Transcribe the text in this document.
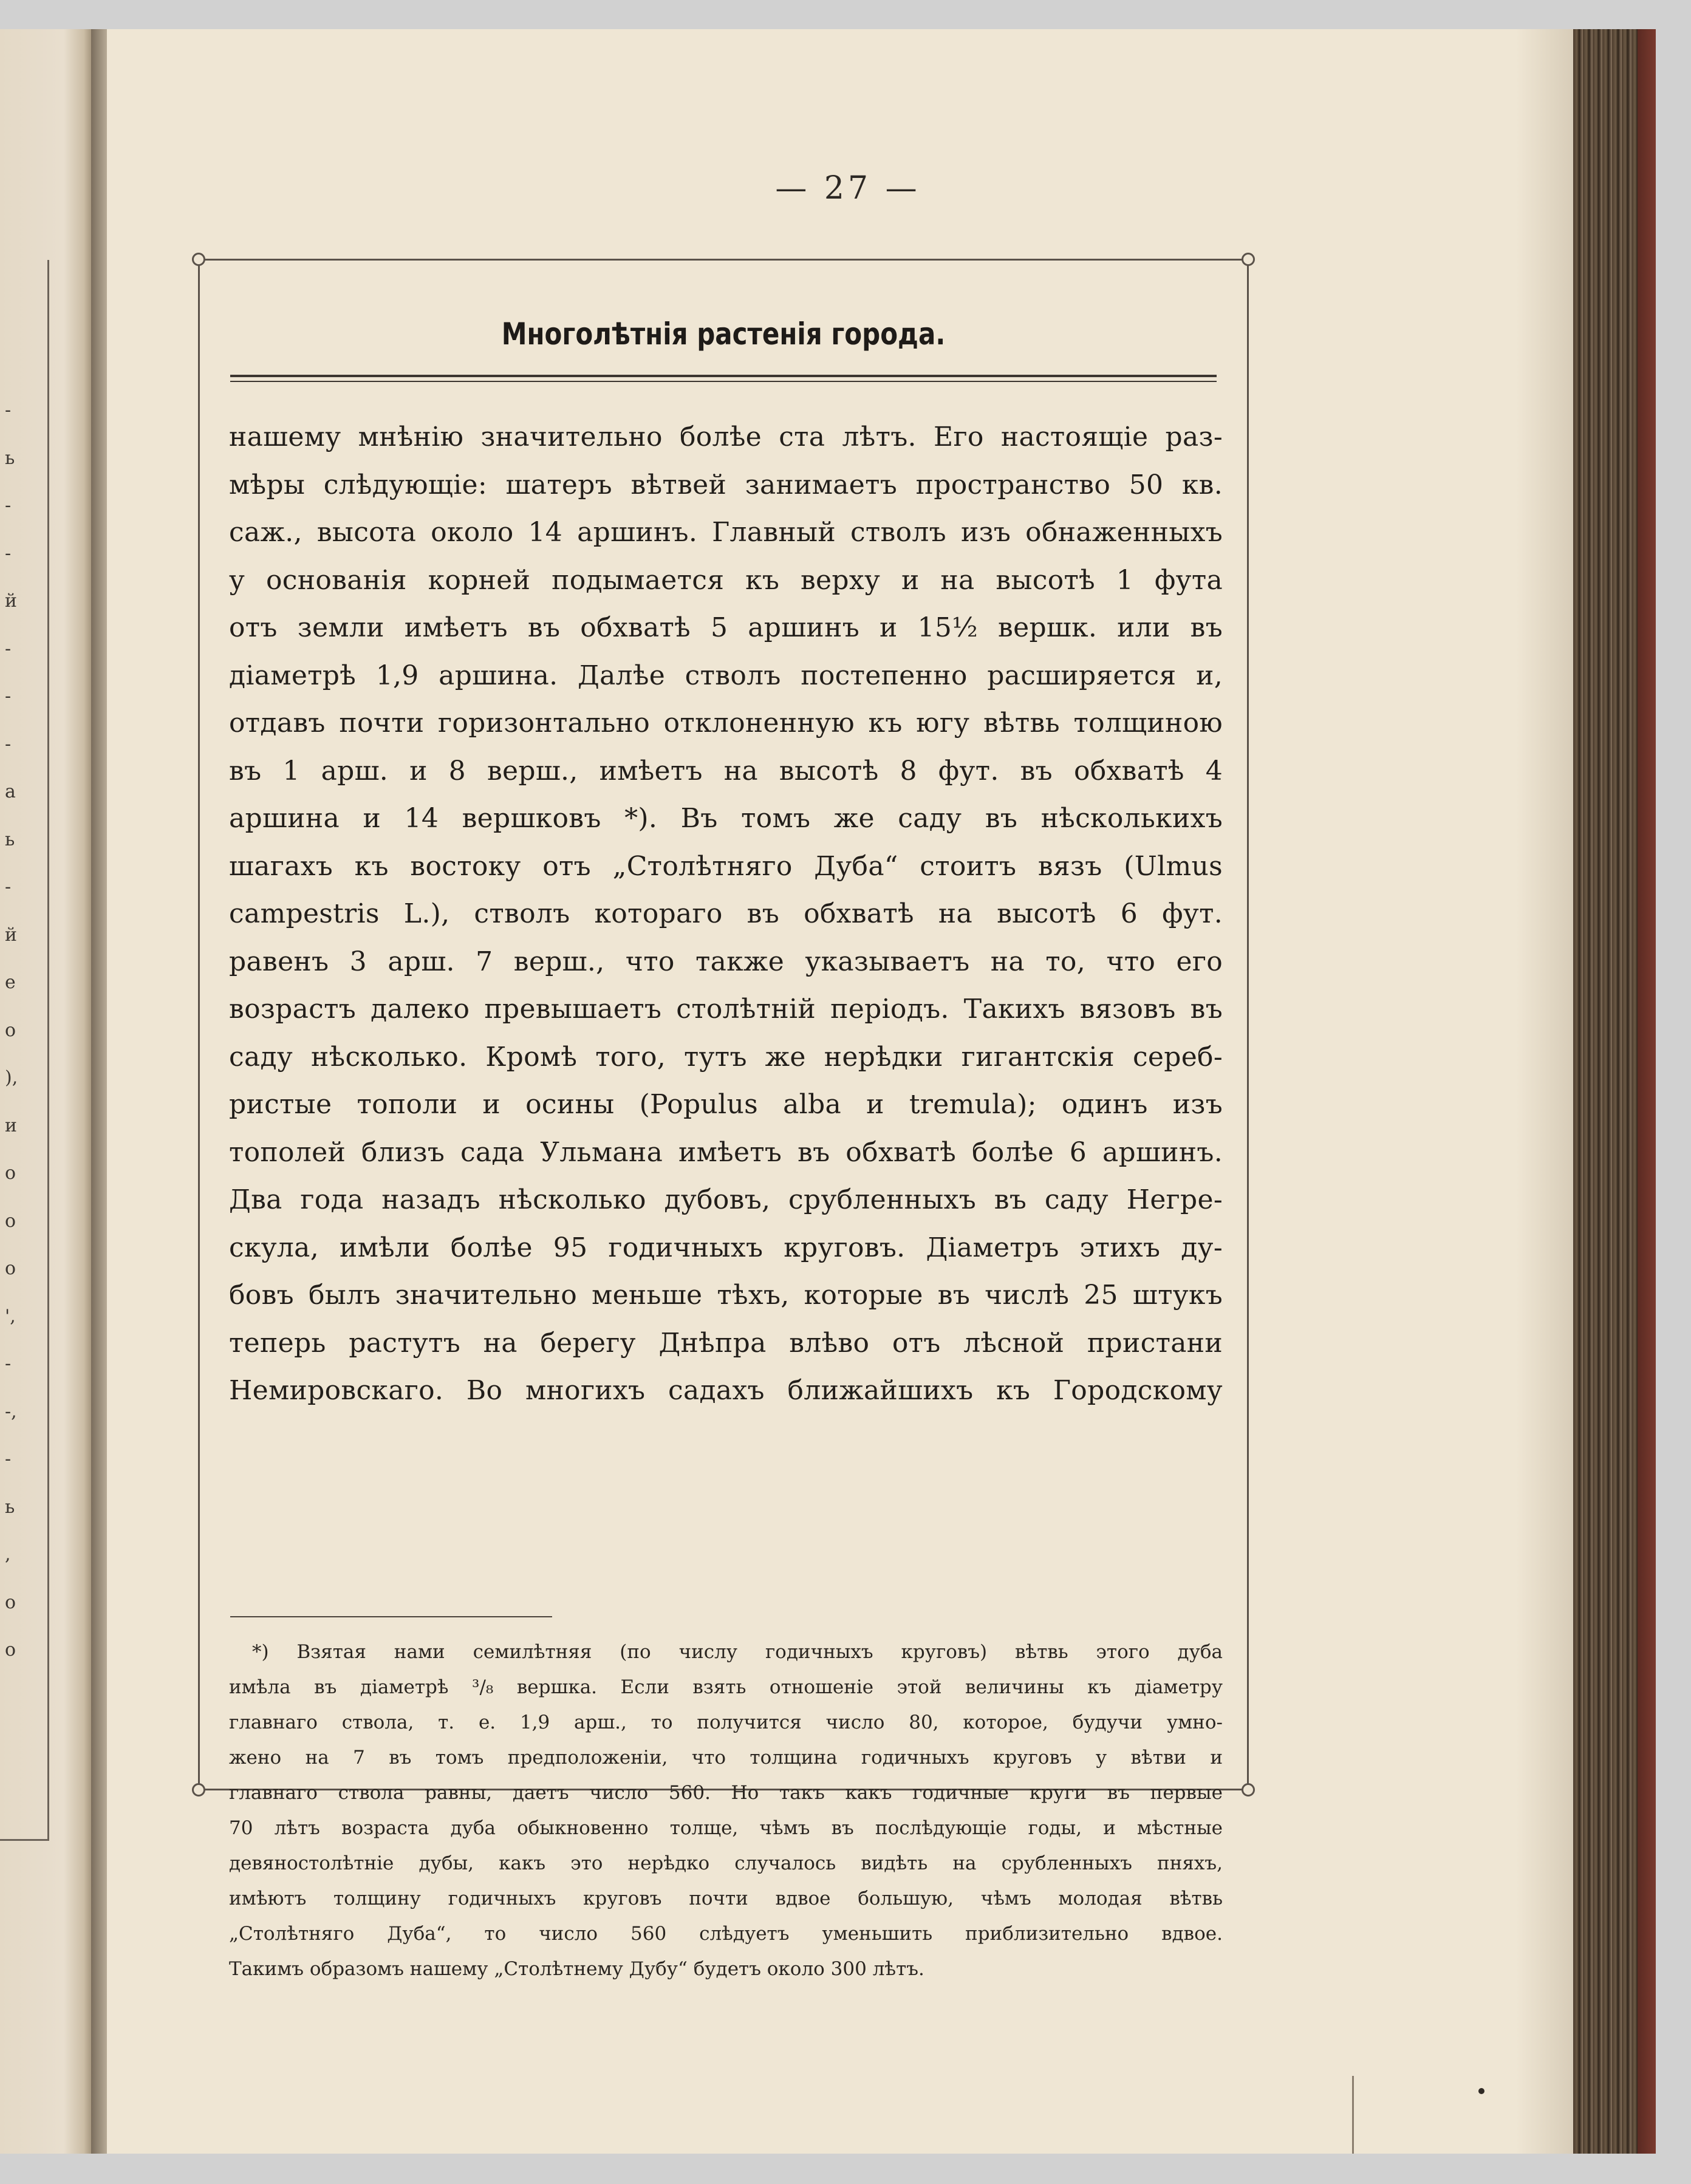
-
ь
-
-
й
-
-
-
а
ь
-
й
е
о
),
и
о
о
о
',
-
-,
-
ь
,
о
о
— 27 —
Многолѣтнія растенія города.
нашему мнѣнію значительно болѣе ста лѣтъ. Его настоящіе раз-
мѣры слѣдующіе: шатеръ вѣтвей занимаетъ пространство 50 кв.
саж., высота около 14 аршинъ. Главный стволъ изъ обнаженныхъ
у основанія корней подымается къ верху и на высотѣ 1 фута
отъ земли имѣетъ въ обхватѣ 5 аршинъ и 15½ вершк. или въ
діаметрѣ 1,9 аршина. Далѣе стволъ постепенно расширяется и,
отдавъ почти горизонтально отклоненную къ югу вѣтвь толщиною
въ 1 арш. и 8 верш., имѣетъ на высотѣ 8 фут. въ обхватѣ 4
аршина и 14 вершковъ *). Въ томъ же саду въ нѣсколькихъ
шагахъ къ востоку отъ „Столѣтняго Дуба“ стоитъ вязъ (Ulmus
campestris L.), стволъ котораго въ обхватѣ на высотѣ 6 фут.
равенъ 3 арш. 7 верш., что также указываетъ на то, что его
возрастъ далеко превышаетъ столѣтній періодъ. Такихъ вязовъ въ
саду нѣсколько. Кромѣ того, тутъ же нерѣдки гигантскія сереб-
ристые тополи и осины (Populus alba и tremula); одинъ изъ
тополей близъ сада Ульмана имѣетъ въ обхватѣ болѣе 6 аршинъ.
Два года назадъ нѣсколько дубовъ, срубленныхъ въ саду Негре-
скула, имѣли болѣе 95 годичныхъ круговъ. Діаметръ этихъ ду-
бовъ былъ значительно меньше тѣхъ, которые въ числѣ 25 штукъ
теперь растутъ на берегу Днѣпра влѣво отъ лѣсной пристани
Немировскаго. Во многихъ садахъ ближайшихъ къ Городскому
*) Взятая нами семилѣтняя (по числу годичныхъ круговъ) вѣтвь этого дуба
имѣла въ діаметрѣ ³/₈ вершка. Если взять отношеніе этой величины къ діаметру
главнаго ствола, т. е. 1,9 арш., то получится число 80, которое, будучи умно-
жено на 7 въ томъ предположеніи, что толщина годичныхъ круговъ у вѣтви и
главнаго ствола равны, даетъ число 560. Но такъ какъ годичные круги въ первые
70 лѣтъ возраста дуба обыкновенно толще, чѣмъ въ послѣдующіе годы, и мѣстные
девяностолѣтніе дубы, какъ это нерѣдко случалось видѣть на срубленныхъ пняхъ,
имѣютъ толщину годичныхъ круговъ почти вдвое большую, чѣмъ молодая вѣтвь
„Столѣтняго Дуба“, то число 560 слѣдуетъ уменьшить приблизительно вдвое.
Такимъ образомъ нашему „Столѣтнему Дубу“ будетъ около 300 лѣтъ.
